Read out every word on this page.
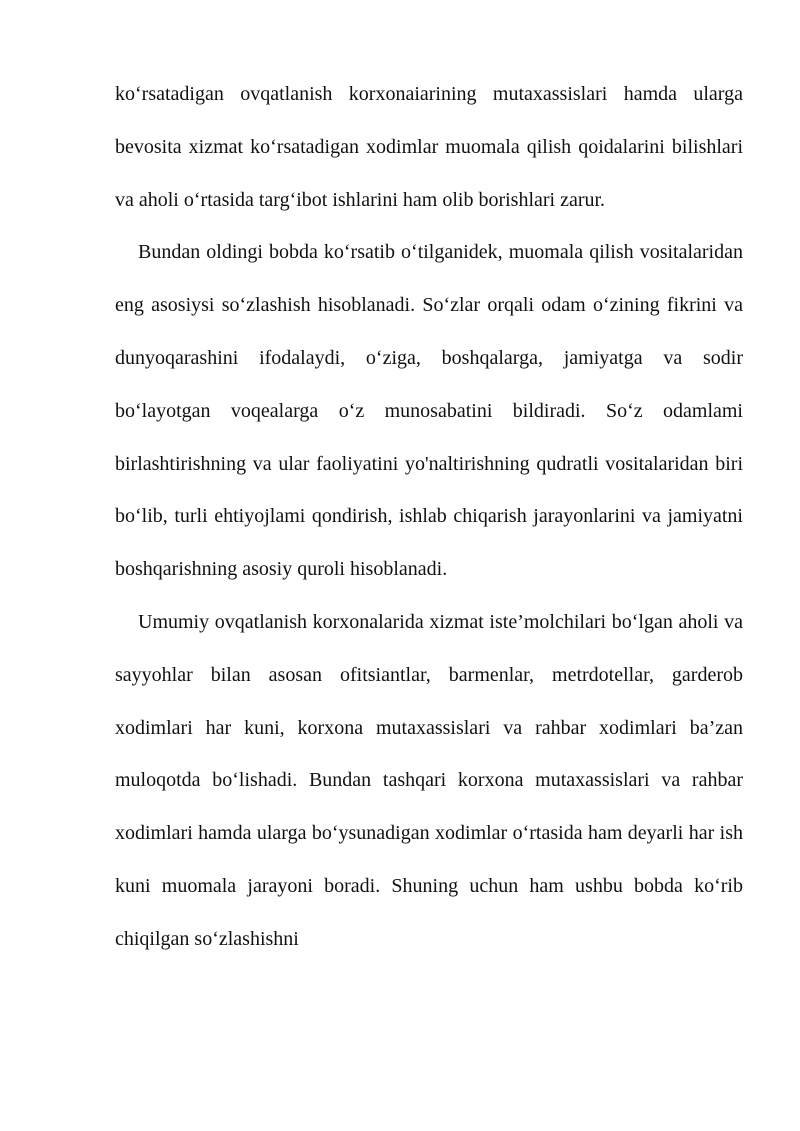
ko‘rsatadigan ovqatlanish korxonaiarining mutaxassislari hamda ularga bevosita xizmat ko‘rsatadigan xodimlar muomala qilish qoidalarini bilishlari va aholi o‘rtasida targ‘ibot ishlarini ham olib borishlari zarur.

Bundan oldingi bobda ko‘rsatib o‘tilganidek, muomala qilish vositalaridan eng asosiysi so‘zlashish hisoblanadi. So‘zlar orqali odam o‘zining fikrini va dunyoqarashini ifodalaydi, o‘ziga, boshqalarga, jamiyatga va sodir bo‘layotgan voqealarga o‘z munosabatini bildiradi. So‘z odamlami birlashtirishning va ular faoliyatini yo'naltirishning qudratli vositalaridan biri bo‘lib, turli ehtiyojlami qondirish, ishlab chiqarish jarayonlarini va jamiyatni boshqarishning asosiy quroli hisoblanadi.

Umumiy ovqatlanish korxonalarida xizmat iste’molchilari bo‘lgan aholi va sayyohlar bilan asosan ofitsiantlar, barmenlar, metrdotellar, garderob xodimlari har kuni, korxona mutaxassislari va rahbar xodimlari ba’zan muloqotda bo‘lishadi. Bundan tashqari korxona mutaxassislari va rahbar xodimlari hamda ularga bo‘ysunadigan xodimlar o‘rtasida ham deyarli har ish kuni muomala jarayoni boradi. Shuning uchun ham ushbu bobda ko‘rib chiqilgan so‘zlashishni
